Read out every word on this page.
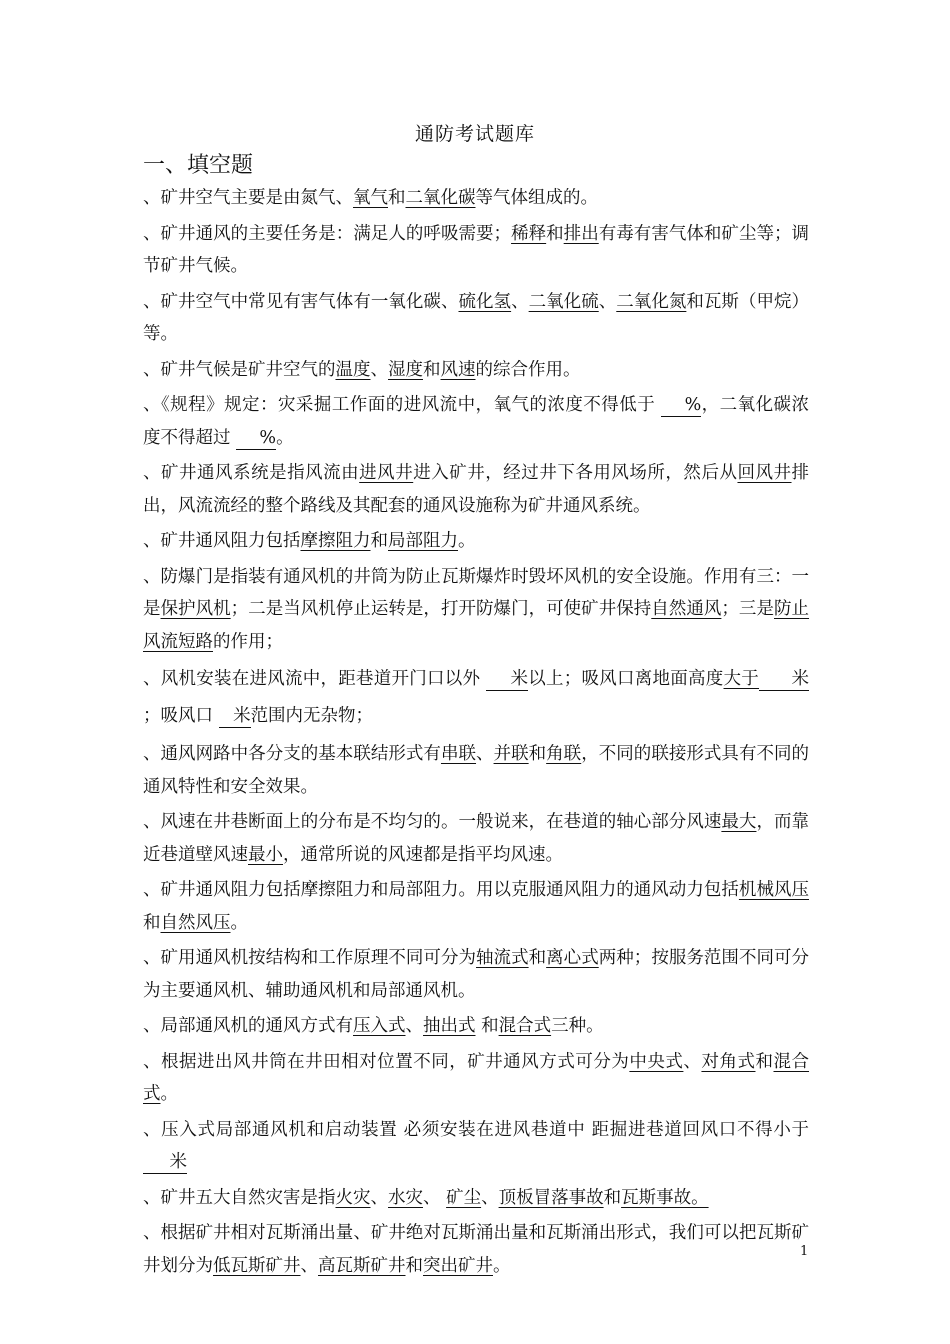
通防考试题库
一、填空题

、矿井空气主要是由氮气、氧气和二氧化碳等气体组成的。

、矿井通风的主要任务是：满足人的呼吸需要；稀释和排出有毒有害气体和矿尘等；调节矿井气候。

、矿井空气中常见有害气体有一氧化碳、硫化氢、二氧化硫、二氧化氮和瓦斯（甲烷）等。

、矿井气候是矿井空气的温度、湿度和风速的综合作用。

、《规程》规定：灾采掘工作面的进风流中，氧气的浓度不得低于 %，二氧化碳浓度不得超过 %。

、矿井通风系统是指风流由进风井进入矿井，经过井下各用风场所，然后从回风井排出，风流流经的整个路线及其配套的通风设施称为矿井通风系统。

、矿井通风阻力包括摩擦阻力和局部阻力。

、防爆门是指装有通风机的井筒为防止瓦斯爆炸时毁坏风机的安全设施。作用有三：一是保护风机；二是当风机停止运转是，打开防爆门，可使矿井保持自然通风；三是防止风流短路的作用；

、风机安装在进风流中，距巷道开门口以外 米以上；吸风口离地面高度大于 米；吸风口 米范围内无杂物；

、通风网路中各分支的基本联结形式有串联、并联和角联，不同的联接形式具有不同的通风特性和安全效果。

、风速在井巷断面上的分布是不均匀的。一般说来，在巷道的轴心部分风速最大，而靠近巷道壁风速最小，通常所说的风速都是指平均风速。

、矿井通风阻力包括摩擦阻力和局部阻力。用以克服通风阻力的通风动力包括机械风压和自然风压。

、矿用通风机按结构和工作原理不同可分为轴流式和离心式两种；按服务范围不同可分为主要通风机、辅助通风机和局部通风机。

、局部通风机的通风方式有压入式、抽出式 和混合式三种。

、根据进出风井筒在井田相对位置不同，矿井通风方式可分为中央式、对角式和混合式。

、压入式局部通风机和启动装置 必须安装在进风巷道中 距掘进巷道回风口不得小于 米

、矿井五大自然灾害是指火灾、水灾、 矿尘、顶板冒落事故和瓦斯事故。

、根据矿井相对瓦斯涌出量、矿井绝对瓦斯涌出量和瓦斯涌出形式，我们可以把瓦斯矿井划分为低瓦斯矿井、高瓦斯矿井和突出矿井。

1
